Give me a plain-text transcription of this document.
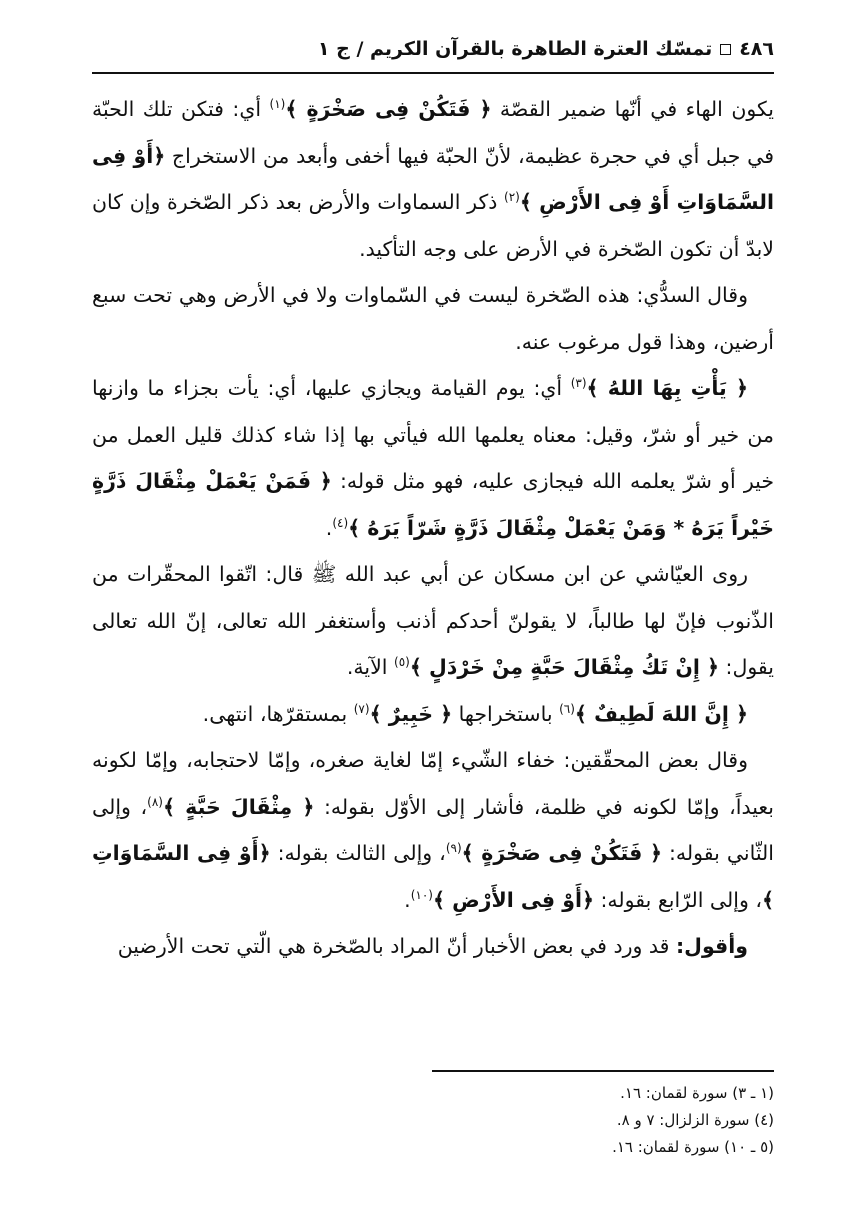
٤٨٦
تمسّك العترة الطاهرة بالقرآن الكريم / ج ١

يكون الهاء في أنّها ضمير القصّة ﴿ فَتَكُنْ فِى صَخْرَةٍ ﴾$^{(١)}$ أي: فتكن تلك الحبّة في جبل أي في حجرة عظيمة، لأنّ الحبّة فيها أخفى وأبعد من الاستخراج ﴿أَوْ فِى السَّمَاوَاتِ أَوْ فِى الأَرْضِ ﴾$^{(٢)}$ ذكر السماوات والأرض بعد ذكر الصّخرة وإن كان لابدّ أن تكون الصّخرة في الأرض على وجه التأكيد.

وقال السدُّي: هذه الصّخرة ليست في السّماوات ولا في الأرض وهي تحت سبع أرضين، وهذا قول مرغوب عنه.

﴿ يَأْتِ بِهَا اللهُ ﴾$^{(٣)}$ أي: يوم القيامة ويجازي عليها، أي: يأت بجزاء ما وازنها من خير أو شرّ، وقيل: معناه يعلمها الله فيأتي بها إذا شاء كذلك قليل العمل من خير أو شرّ يعلمه الله فيجازى عليه، فهو مثل قوله: ﴿ فَمَنْ يَعْمَلْ مِثْقَالَ ذَرَّةٍ خَيْراً يَرَهُ * وَمَنْ يَعْمَلْ مِثْقَالَ ذَرَّةٍ شَرّاً يَرَهُ ﴾$^{(٤)}$.

روى العيّاشي عن ابن مسكان عن أبي عبد الله ﷺ قال: اتّقوا المحقّرات من الذّنوب فإنّ لها طالباً، لا يقولنّ أحدكم أذنب وأستغفر الله تعالى، إنّ الله تعالى يقول: ﴿ إِنْ تَكُ مِثْقَالَ حَبَّةٍ مِنْ خَرْدَلٍ ﴾$^{(٥)}$ الآية.

﴿ إِنَّ اللهَ لَطِيفٌ ﴾$^{(٦)}$ باستخراجها ﴿ خَبِيرٌ ﴾$^{(٧)}$ بمستقرّها، انتهى.

وقال بعض المحقّقين: خفاء الشّيء إمّا لغاية صغره، وإمّا لاحتجابه، وإمّا لكونه بعيداً، وإمّا لكونه في ظلمة، فأشار إلى الأوّل بقوله: ﴿ مِثْقَالَ حَبَّةٍ ﴾$^{(٨)}$، وإلى الثّاني بقوله: ﴿ فَتَكُنْ فِى صَخْرَةٍ ﴾$^{(٩)}$، وإلى الثالث بقوله: ﴿أَوْ فِى السَّمَاوَاتِ ﴾، وإلى الرّابع بقوله: ﴿أَوْ فِى الأَرْضِ ﴾$^{(١٠)}$.

وأقول: قد ورد في بعض الأخبار أنّ المراد بالصّخرة هي الّتي تحت الأرضين

(١ ـ ٣) سورة لقمان: ١٦.
(٤) سورة الزلزال: ٧ و ٨.
(٥ ـ ١٠) سورة لقمان: ١٦.
